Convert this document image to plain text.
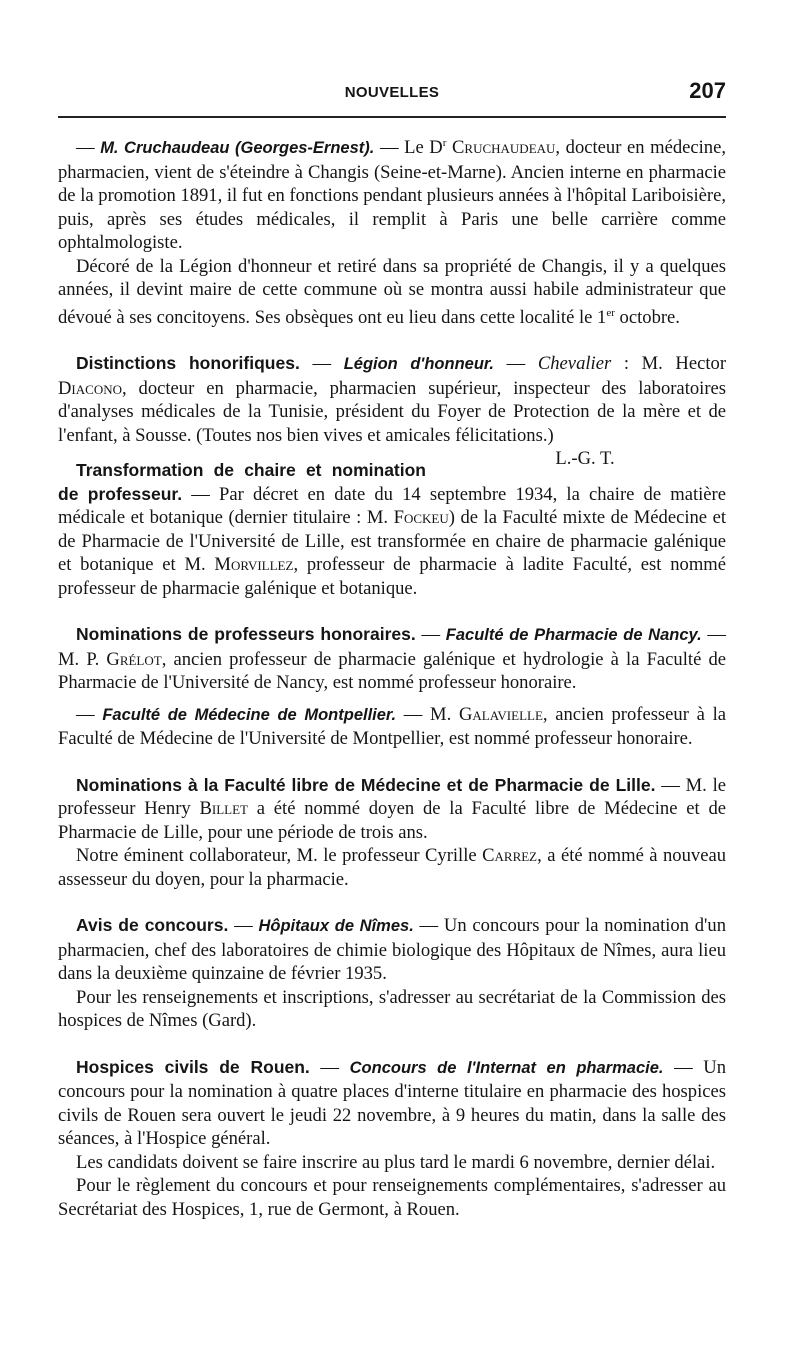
NOUVELLES	207

— M. Cruchaudeau (Georges-Ernest). — Le $D^r$ Cruchaudeau, docteur en médecine, pharmacien, vient de s'éteindre à Changis (Seine-et-Marne). Ancien interne en pharmacie de la promotion 1891, il fut en fonctions pendant plusieurs années à l'hôpital Lariboisière, puis, après ses études médicales, il remplit à Paris une belle carrière comme ophtalmologiste.

Décoré de la Légion d'honneur et retiré dans sa propriété de Changis, il y a quelques années, il devint maire de cette commune où se montra aussi habile administrateur que dévoué à ses concitoyens. Ses obsèques ont eu lieu dans cette localité le 1er octobre.

Distinctions honorifiques. — Légion d'honneur. — Chevalier : M. Hector Diacono, docteur en pharmacie, pharmacien supérieur, inspecteur des laboratoires d'analyses médicales de la Tunisie, président du Foyer de Protection de la mère et de l'enfant, à Sousse. (Toutes nos bien vives et amicales félicitations.)
L.-G. T.

Transformation de chaire et nomination de professeur. — Par décret en date du 14 septembre 1934, la chaire de matière médicale et botanique (dernier titulaire : M. Fockeu) de la Faculté mixte de Médecine et de Pharmacie de l'Université de Lille, est transformée en chaire de pharmacie galénique et botanique et M. Morvillez, professeur de pharmacie à ladite Faculté, est nommé professeur de pharmacie galénique et botanique.

Nominations de professeurs honoraires. — Faculté de Pharmacie de Nancy. — M. P. Grélot, ancien professeur de pharmacie galénique et hydrologie à la Faculté de Pharmacie de l'Université de Nancy, est nommé professeur honoraire.

— Faculté de Médecine de Montpellier. — M. Galavielle, ancien professeur à la Faculté de Médecine de l'Université de Montpellier, est nommé professeur honoraire.

Nominations à la Faculté libre de Médecine et de Pharmacie de Lille. — M. le professeur Henry Billet a été nommé doyen de la Faculté libre de Médecine et de Pharmacie de Lille, pour une période de trois ans.

Notre éminent collaborateur, M. le professeur Cyrille Carrez, a été nommé à nouveau assesseur du doyen, pour la pharmacie.

Avis de concours. — Hôpitaux de Nîmes. — Un concours pour la nomination d'un pharmacien, chef des laboratoires de chimie biologique des Hôpitaux de Nîmes, aura lieu dans la deuxième quinzaine de février 1935.

Pour les renseignements et inscriptions, s'adresser au secrétariat de la Commission des hospices de Nîmes (Gard).

Hospices civils de Rouen. — Concours de l'Internat en pharmacie. — Un concours pour la nomination à quatre places d'interne titulaire en pharmacie des hospices civils de Rouen sera ouvert le jeudi 22 novembre, à 9 heures du matin, dans la salle des séances, à l'Hospice général.

Les candidats doivent se faire inscrire au plus tard le mardi 6 novembre, dernier délai.

Pour le règlement du concours et pour renseignements complémentaires, s'adresser au Secrétariat des Hospices, 1, rue de Germont, à Rouen.
